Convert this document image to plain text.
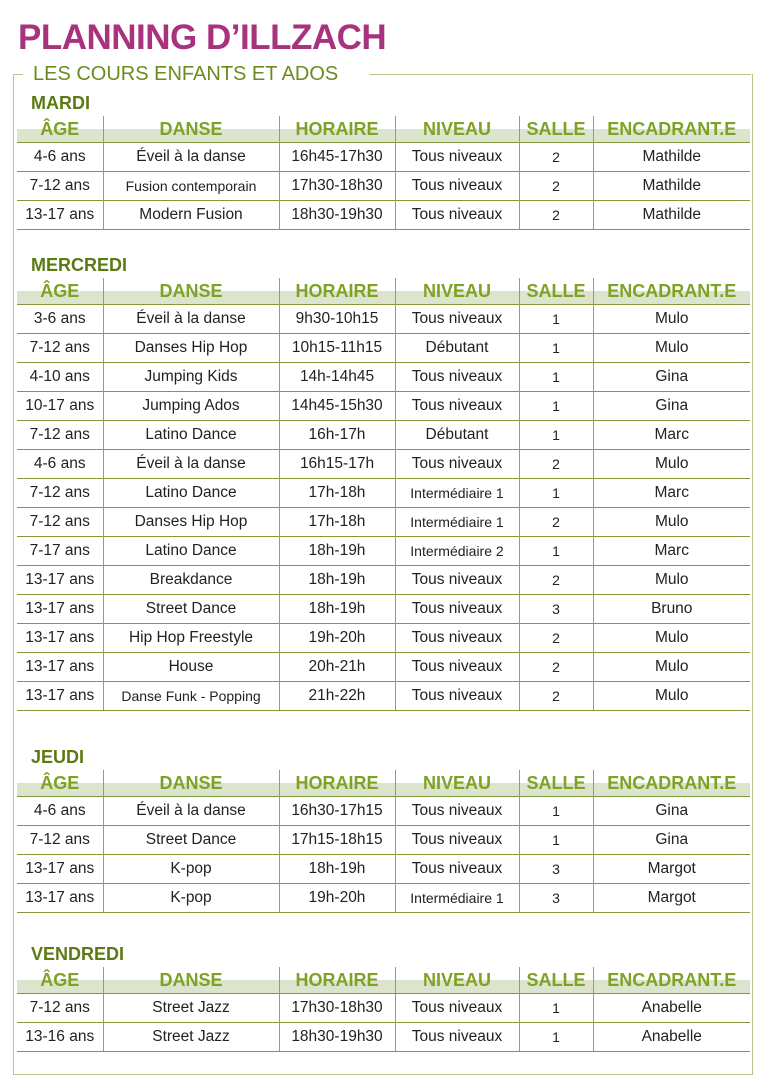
PLANNING D’ILLZACH
LES COURS ENFANTS ET ADOS
MARDI
ÂGE	DANSE	HORAIRE	NIVEAU	SALLE	ENCADRANT.E
4-6 ans	Éveil à la danse	16h45-17h30	Tous niveaux	2	Mathilde
7-12 ans	Fusion contemporain	17h30-18h30	Tous niveaux	2	Mathilde
13-17 ans	Modern Fusion	18h30-19h30	Tous niveaux	2	Mathilde
MERCREDI
ÂGE	DANSE	HORAIRE	NIVEAU	SALLE	ENCADRANT.E
3-6 ans	Éveil à la danse	9h30-10h15	Tous niveaux	1	Mulo
7-12 ans	Danses Hip Hop	10h15-11h15	Débutant	1	Mulo
4-10 ans	Jumping Kids	14h-14h45	Tous niveaux	1	Gina
10-17 ans	Jumping Ados	14h45-15h30	Tous niveaux	1	Gina
7-12 ans	Latino Dance	16h-17h	Débutant	1	Marc
4-6 ans	Éveil à la danse	16h15-17h	Tous niveaux	2	Mulo
7-12 ans	Latino Dance	17h-18h	Intermédiaire 1	1	Marc
7-12 ans	Danses Hip Hop	17h-18h	Intermédiaire 1	2	Mulo
7-17 ans	Latino Dance	18h-19h	Intermédiaire 2	1	Marc
13-17 ans	Breakdance	18h-19h	Tous niveaux	2	Mulo
13-17 ans	Street Dance	18h-19h	Tous niveaux	3	Bruno
13-17 ans	Hip Hop Freestyle	19h-20h	Tous niveaux	2	Mulo
13-17 ans	House	20h-21h	Tous niveaux	2	Mulo
13-17 ans	Danse Funk - Popping	21h-22h	Tous niveaux	2	Mulo
JEUDI
ÂGE	DANSE	HORAIRE	NIVEAU	SALLE	ENCADRANT.E
4-6 ans	Éveil à la danse	16h30-17h15	Tous niveaux	1	Gina
7-12 ans	Street Dance	17h15-18h15	Tous niveaux	1	Gina
13-17 ans	K-pop	18h-19h	Tous niveaux	3	Margot
13-17 ans	K-pop	19h-20h	Intermédiaire 1	3	Margot
VENDREDI
ÂGE	DANSE	HORAIRE	NIVEAU	SALLE	ENCADRANT.E
7-12 ans	Street Jazz	17h30-18h30	Tous niveaux	1	Anabelle
13-16 ans	Street Jazz	18h30-19h30	Tous niveaux	1	Anabelle
